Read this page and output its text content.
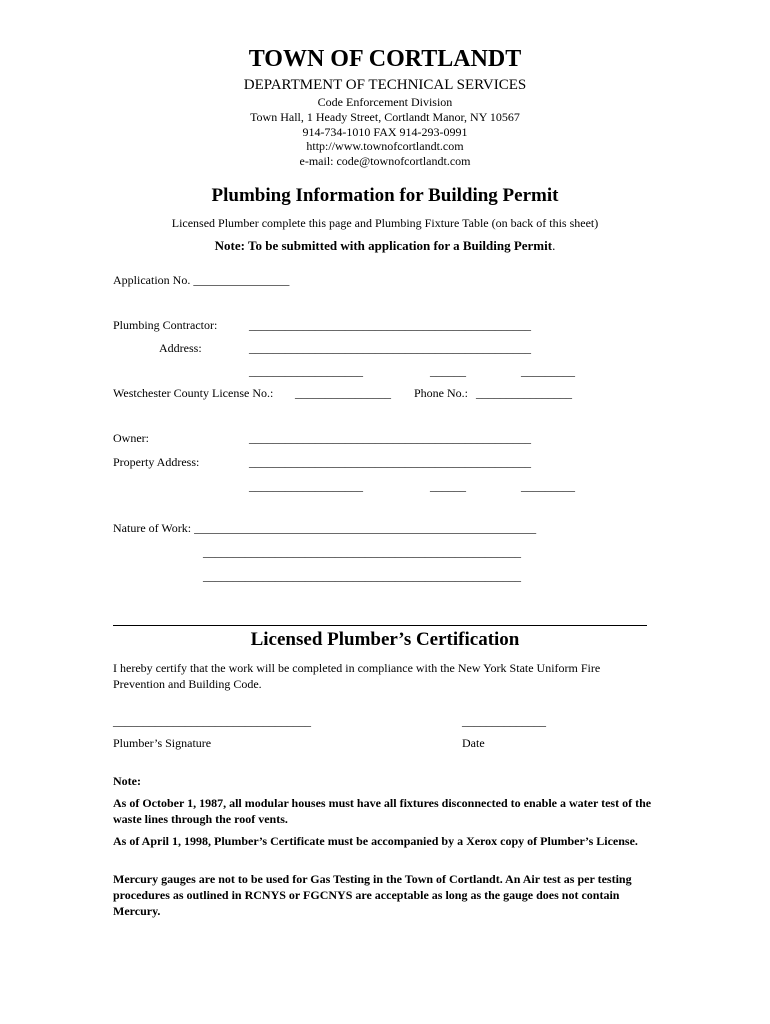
TOWN OF CORTLANDT
DEPARTMENT OF TECHNICAL SERVICES
Code Enforcement Division
Town Hall, 1 Heady Street, Cortlandt Manor, NY 10567
914-734-1010 FAX 914-293-0991
http://www.townofcortlandt.com
e-mail: code@townofcortlandt.com
Plumbing Information for Building Permit
Licensed Plumber complete this page and Plumbing Fixture Table (on back of this sheet)
Note: To be submitted with application for a Building Permit.
Application No. ________________
Plumbing Contractor:	_______________________________________________
Address:	_______________________________________________
___________________	______	_________
Westchester County License No.: ________________ Phone No.: ________________
Owner:	_______________________________________________
Property Address:	_______________________________________________
___________________	______	_________
Nature of Work: _________________________________________________________
_____________________________________________________
_____________________________________________________
Licensed Plumber’s Certification
I hereby certify that the work will be completed in compliance with the New York State Uniform Fire Prevention and Building Code.
_________________________________	______________
Plumber’s Signature	Date
Note:
As of October 1, 1987, all modular houses must have all fixtures disconnected to enable a water test of the waste lines through the roof vents.
As of April 1, 1998, Plumber’s Certificate must be accompanied by a Xerox copy of Plumber’s License.
Mercury gauges are not to be used for Gas Testing in the Town of Cortlandt. An Air test as per testing procedures as outlined in RCNYS or FGCNYS are acceptable as long as the gauge does not contain Mercury.
